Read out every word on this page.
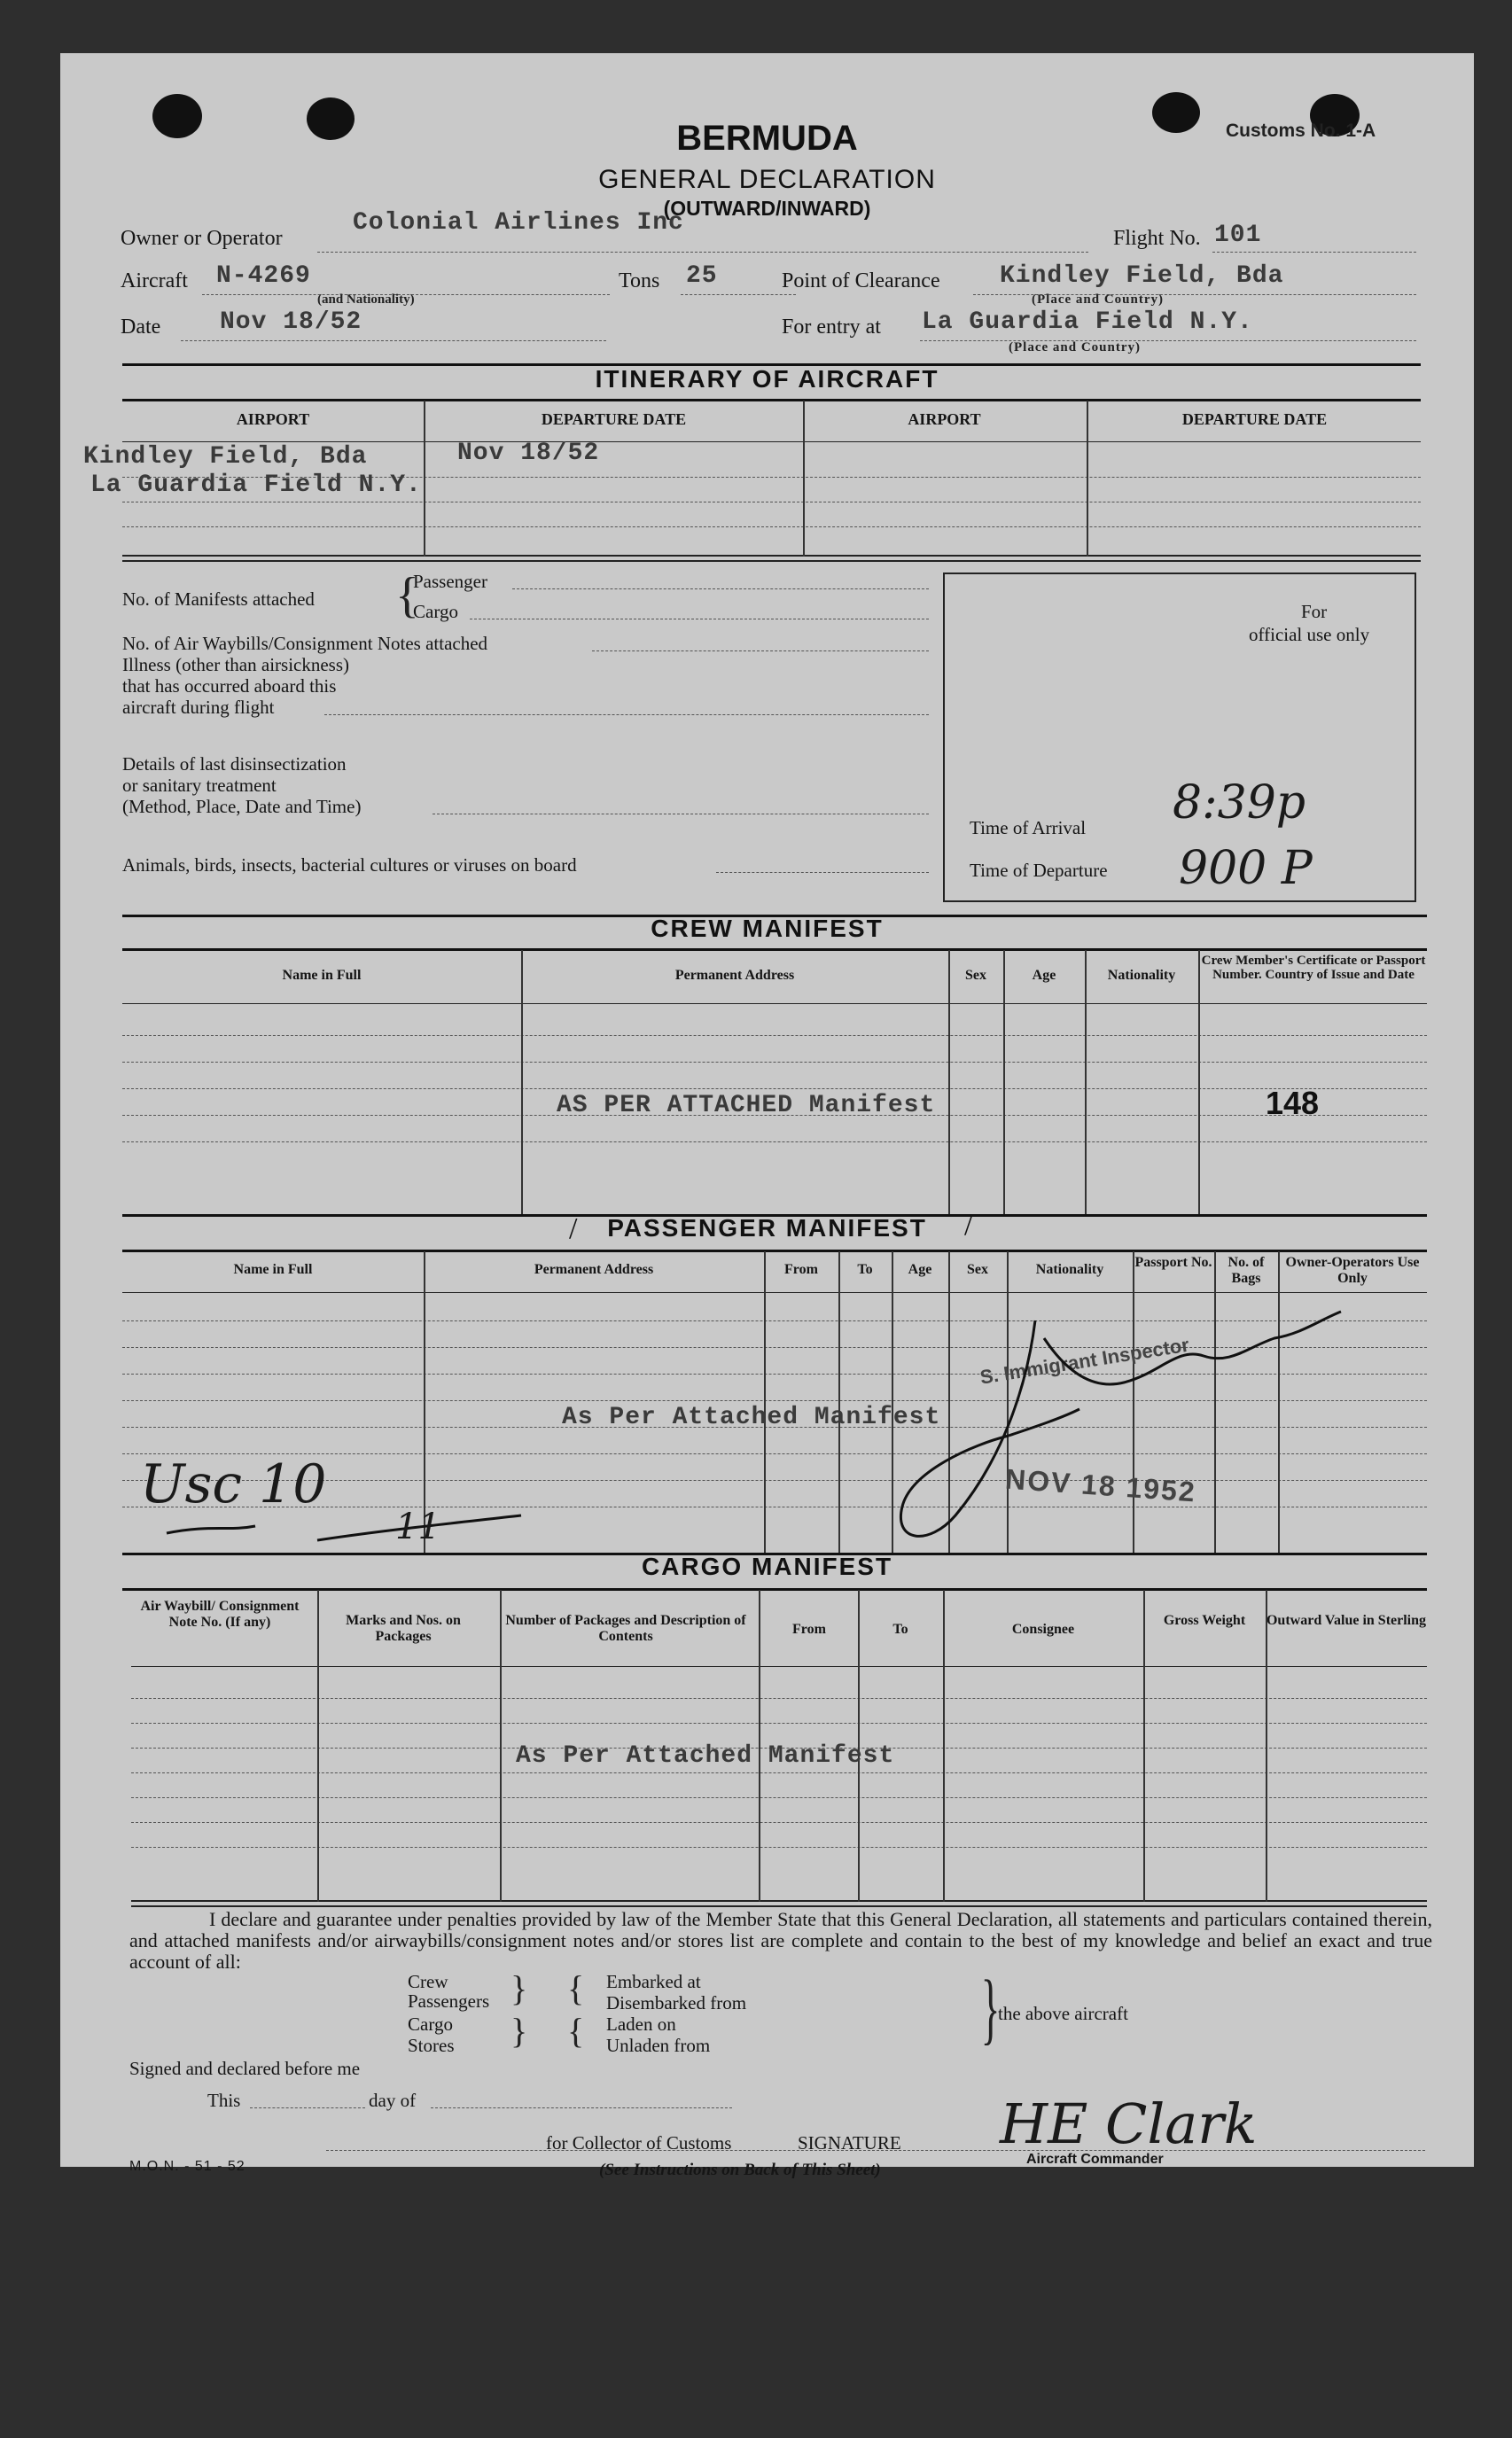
Customs No. 1-A
BERMUDA
GENERAL DECLARATION
(OUTWARD/INWARD)
Owner or Operator
Colonial Airlines Inc
Flight No. 101
Aircraft N-4269
(and Nationality)
Tons 25	Point of Clearance Kindley Field, Bda
(Place and Country)
Date Nov 18/52	For entry at La Guardia Field N.Y.
(Place and Country)
ITINERARY OF AIRCRAFT
AIRPORT	DEPARTURE DATE	AIRPORT	DEPARTURE DATE
Kindley Field, Bda	Nov 18/52
La Guardia Field N.Y.
No. of Manifests attached {
Passenger
Cargo
No. of Air Waybills/Consignment Notes attached
Illness (other than airsickness)
that has occurred aboard this
aircraft during flight
Details of last disinsectization
or sanitary treatment
(Method, Place, Date and Time)
Animals, birds, insects, bacterial cultures or viruses on board
For
official use only
Time of Arrival 8:39p
Time of Departure 900 P
CREW MANIFEST
Name in Full	Permanent Address	Sex	Age	Nationality
Crew Member's Certificate or Passport Number. Country of Issue and Date
AS PER ATTACHED Manifest	148
PASSENGER MANIFEST
/	/
Name in Full	Permanent Address	From	To	Age	Sex	Nationality	Passport No.	No. of Bags
Owner-Operators Use Only
As Per Attached Manifest
S. Immigrant Inspector
NOV 18 1952
Usc 10
11
CARGO MANIFEST
Air Waybill/ Consignment Note No. (If any)	Marks and Nos. on Packages
Number of Packages and Description of Contents	From	To	Consignee
Gross Weight	Outward Value in Sterling
As Per Attached Manifest
I declare and guarantee under penalties provided by law of the Member State that this General Declaration, all statements and particulars contained therein, and attached manifests and/or airwaybills/consignment notes and/or stores list are complete and contain to the best of my knowledge and belief an exact and true account of all:
Crew
Passengers }
Cargo
Stores }
{
{
Embarked at
Disembarked from
Laden on
Unladen from	}
the above aircraft
Signed and declared before me
This	day of
for Collector of Customs	SIGNATURE HE Clark
Aircraft Commander
M.O.N. - 51 - 52	(See Instructions on Back of This Sheet)
